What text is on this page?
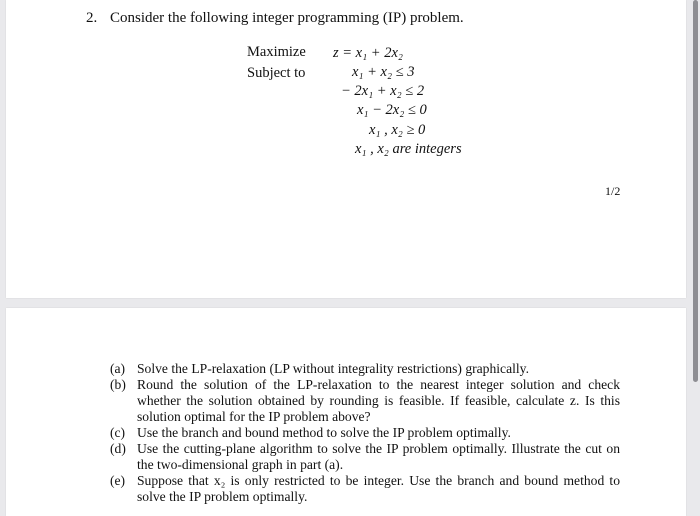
2. Consider the following integer programming (IP) problem.
Maximize
Subject to
z = x₁ + 2x₂
x₁ + x₂ ≤ 3
− 2x₁ + x₂ ≤ 2
x₁ − 2x₂ ≤ 0
x₁ , x₂ ≥ 0
x₁ , x₂ are integers
1/2
(a) Solve the LP-relaxation (LP without integrality restrictions) graphically.
(b) Round the solution of the LP-relaxation to the nearest integer solution and check whether the solution obtained by rounding is feasible. If feasible, calculate z. Is this solution optimal for the IP problem above?
(c) Use the branch and bound method to solve the IP problem optimally.
(d) Use the cutting-plane algorithm to solve the IP problem optimally. Illustrate the cut on the two-dimensional graph in part (a).
(e) Suppose that x₂ is only restricted to be integer. Use the branch and bound method to solve the IP problem optimally.
